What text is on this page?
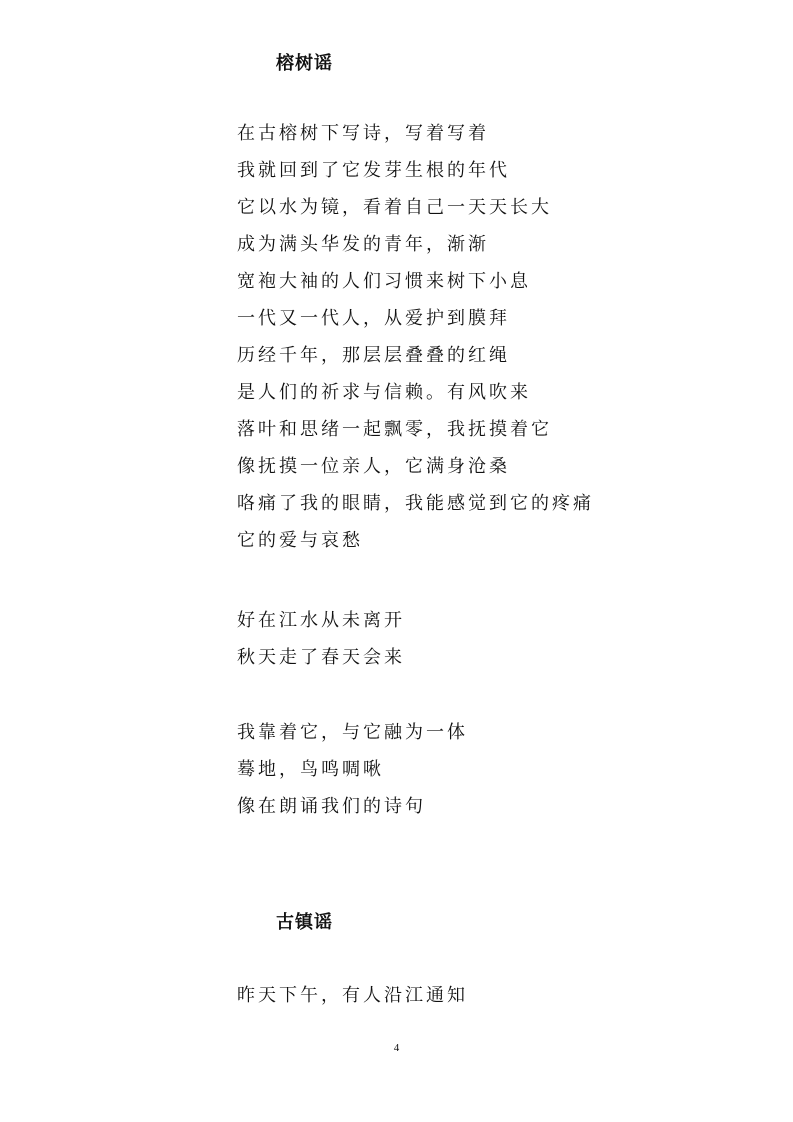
榕树谣
在古榕树下写诗，写着写着
我就回到了它发芽生根的年代
它以水为镜，看着自己一天天长大
成为满头华发的青年，渐渐
宽袍大袖的人们习惯来树下小息
一代又一代人，从爱护到膜拜
历经千年，那层层叠叠的红绳
是人们的祈求与信赖。有风吹来
落叶和思绪一起飘零，我抚摸着它
像抚摸一位亲人，它满身沧桑
咯痛了我的眼睛，我能感觉到它的疼痛
它的爱与哀愁
好在江水从未离开
秋天走了春天会来
我靠着它，与它融为一体
蓦地，鸟鸣啁啾
像在朗诵我们的诗句
古镇谣
昨天下午，有人沿江通知
4
